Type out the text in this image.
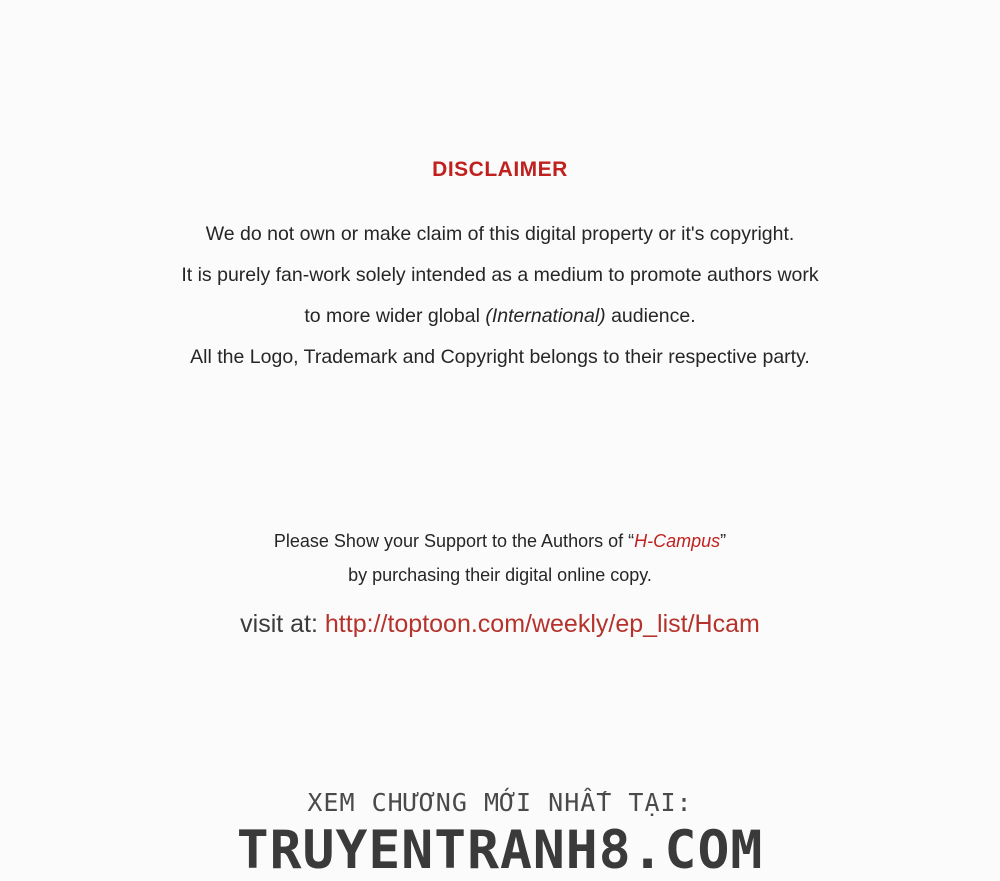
DISCLAIMER
We do not own or make claim of this digital property or it's copyright.
It is purely fan-work solely intended as a medium to promote authors work
to more wider global (International) audience.
All the Logo, Trademark and Copyright belongs to their respective party.
Please Show your Support to the Authors of “H-Campus”
by purchasing their digital online copy.
visit at: http://toptoon.com/weekly/ep_list/Hcam
XEM CHƯƠNG MỚI NHẤT TẠI:
TRUYENTRANH8.COM
